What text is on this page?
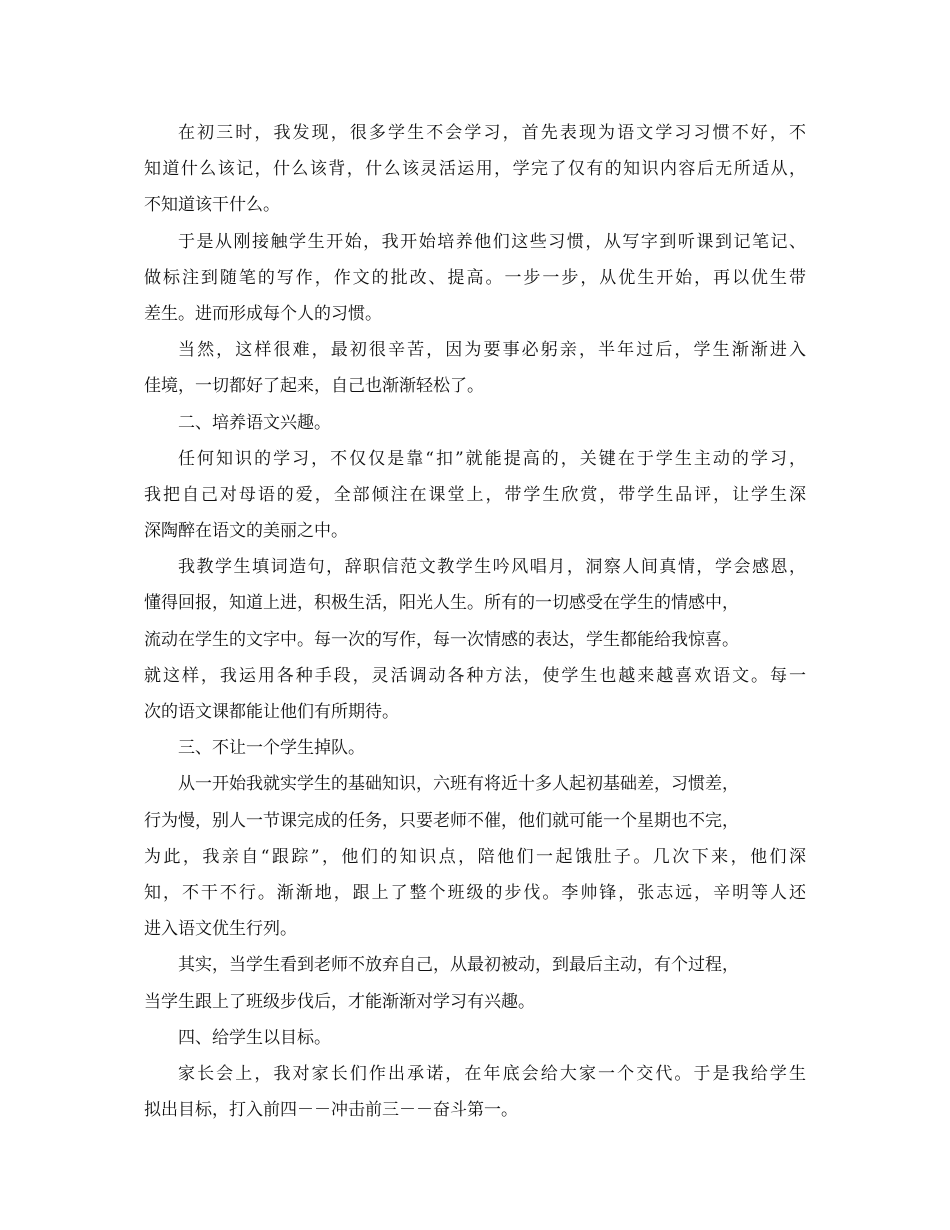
在初三时，我发现，很多学生不会学习，首先表现为语文学习习惯不好，不

知道什么该记，什么该背，什么该灵活运用，学完了仅有的知识内容后无所适从，

不知道该干什么。

于是从刚接触学生开始，我开始培养他们这些习惯，从写字到听课到记笔记、

做标注到随笔的写作，作文的批改、提高。一步一步，从优生开始，再以优生带

差生。进而形成每个人的习惯。

当然，这样很难，最初很辛苦，因为要事必躬亲，半年过后，学生渐渐进入

佳境，一切都好了起来，自己也渐渐轻松了。

二、培养语文兴趣。

任何知识的学习，不仅仅是靠“扣”就能提高的，关键在于学生主动的学习，

我把自己对母语的爱，全部倾注在课堂上，带学生欣赏，带学生品评，让学生深

深陶醉在语文的美丽之中。

我教学生填词造句，辞职信范文教学生吟风唱月，洞察人间真情，学会感恩，

懂得回报，知道上进，积极生活，阳光人生。所有的一切感受在学生的情感中，

流动在学生的文字中。每一次的写作，每一次情感的表达，学生都能给我惊喜。

就这样，我运用各种手段，灵活调动各种方法，使学生也越来越喜欢语文。每一

次的语文课都能让他们有所期待。

三、不让一个学生掉队。

从一开始我就实学生的基础知识，六班有将近十多人起初基础差，习惯差，

行为慢，别人一节课完成的任务，只要老师不催，他们就可能一个星期也不完，

为此，我亲自“跟踪”，他们的知识点，陪他们一起饿肚子。几次下来，他们深

知，不干不行。渐渐地，跟上了整个班级的步伐。李帅锋，张志远，辛明等人还

进入语文优生行列。

其实，当学生看到老师不放弃自己，从最初被动，到最后主动，有个过程，

当学生跟上了班级步伐后，才能渐渐对学习有兴趣。

四、给学生以目标。

家长会上，我对家长们作出承诺，在年底会给大家一个交代。于是我给学生

拟出目标，打入前四－－冲击前三－－奋斗第一。
